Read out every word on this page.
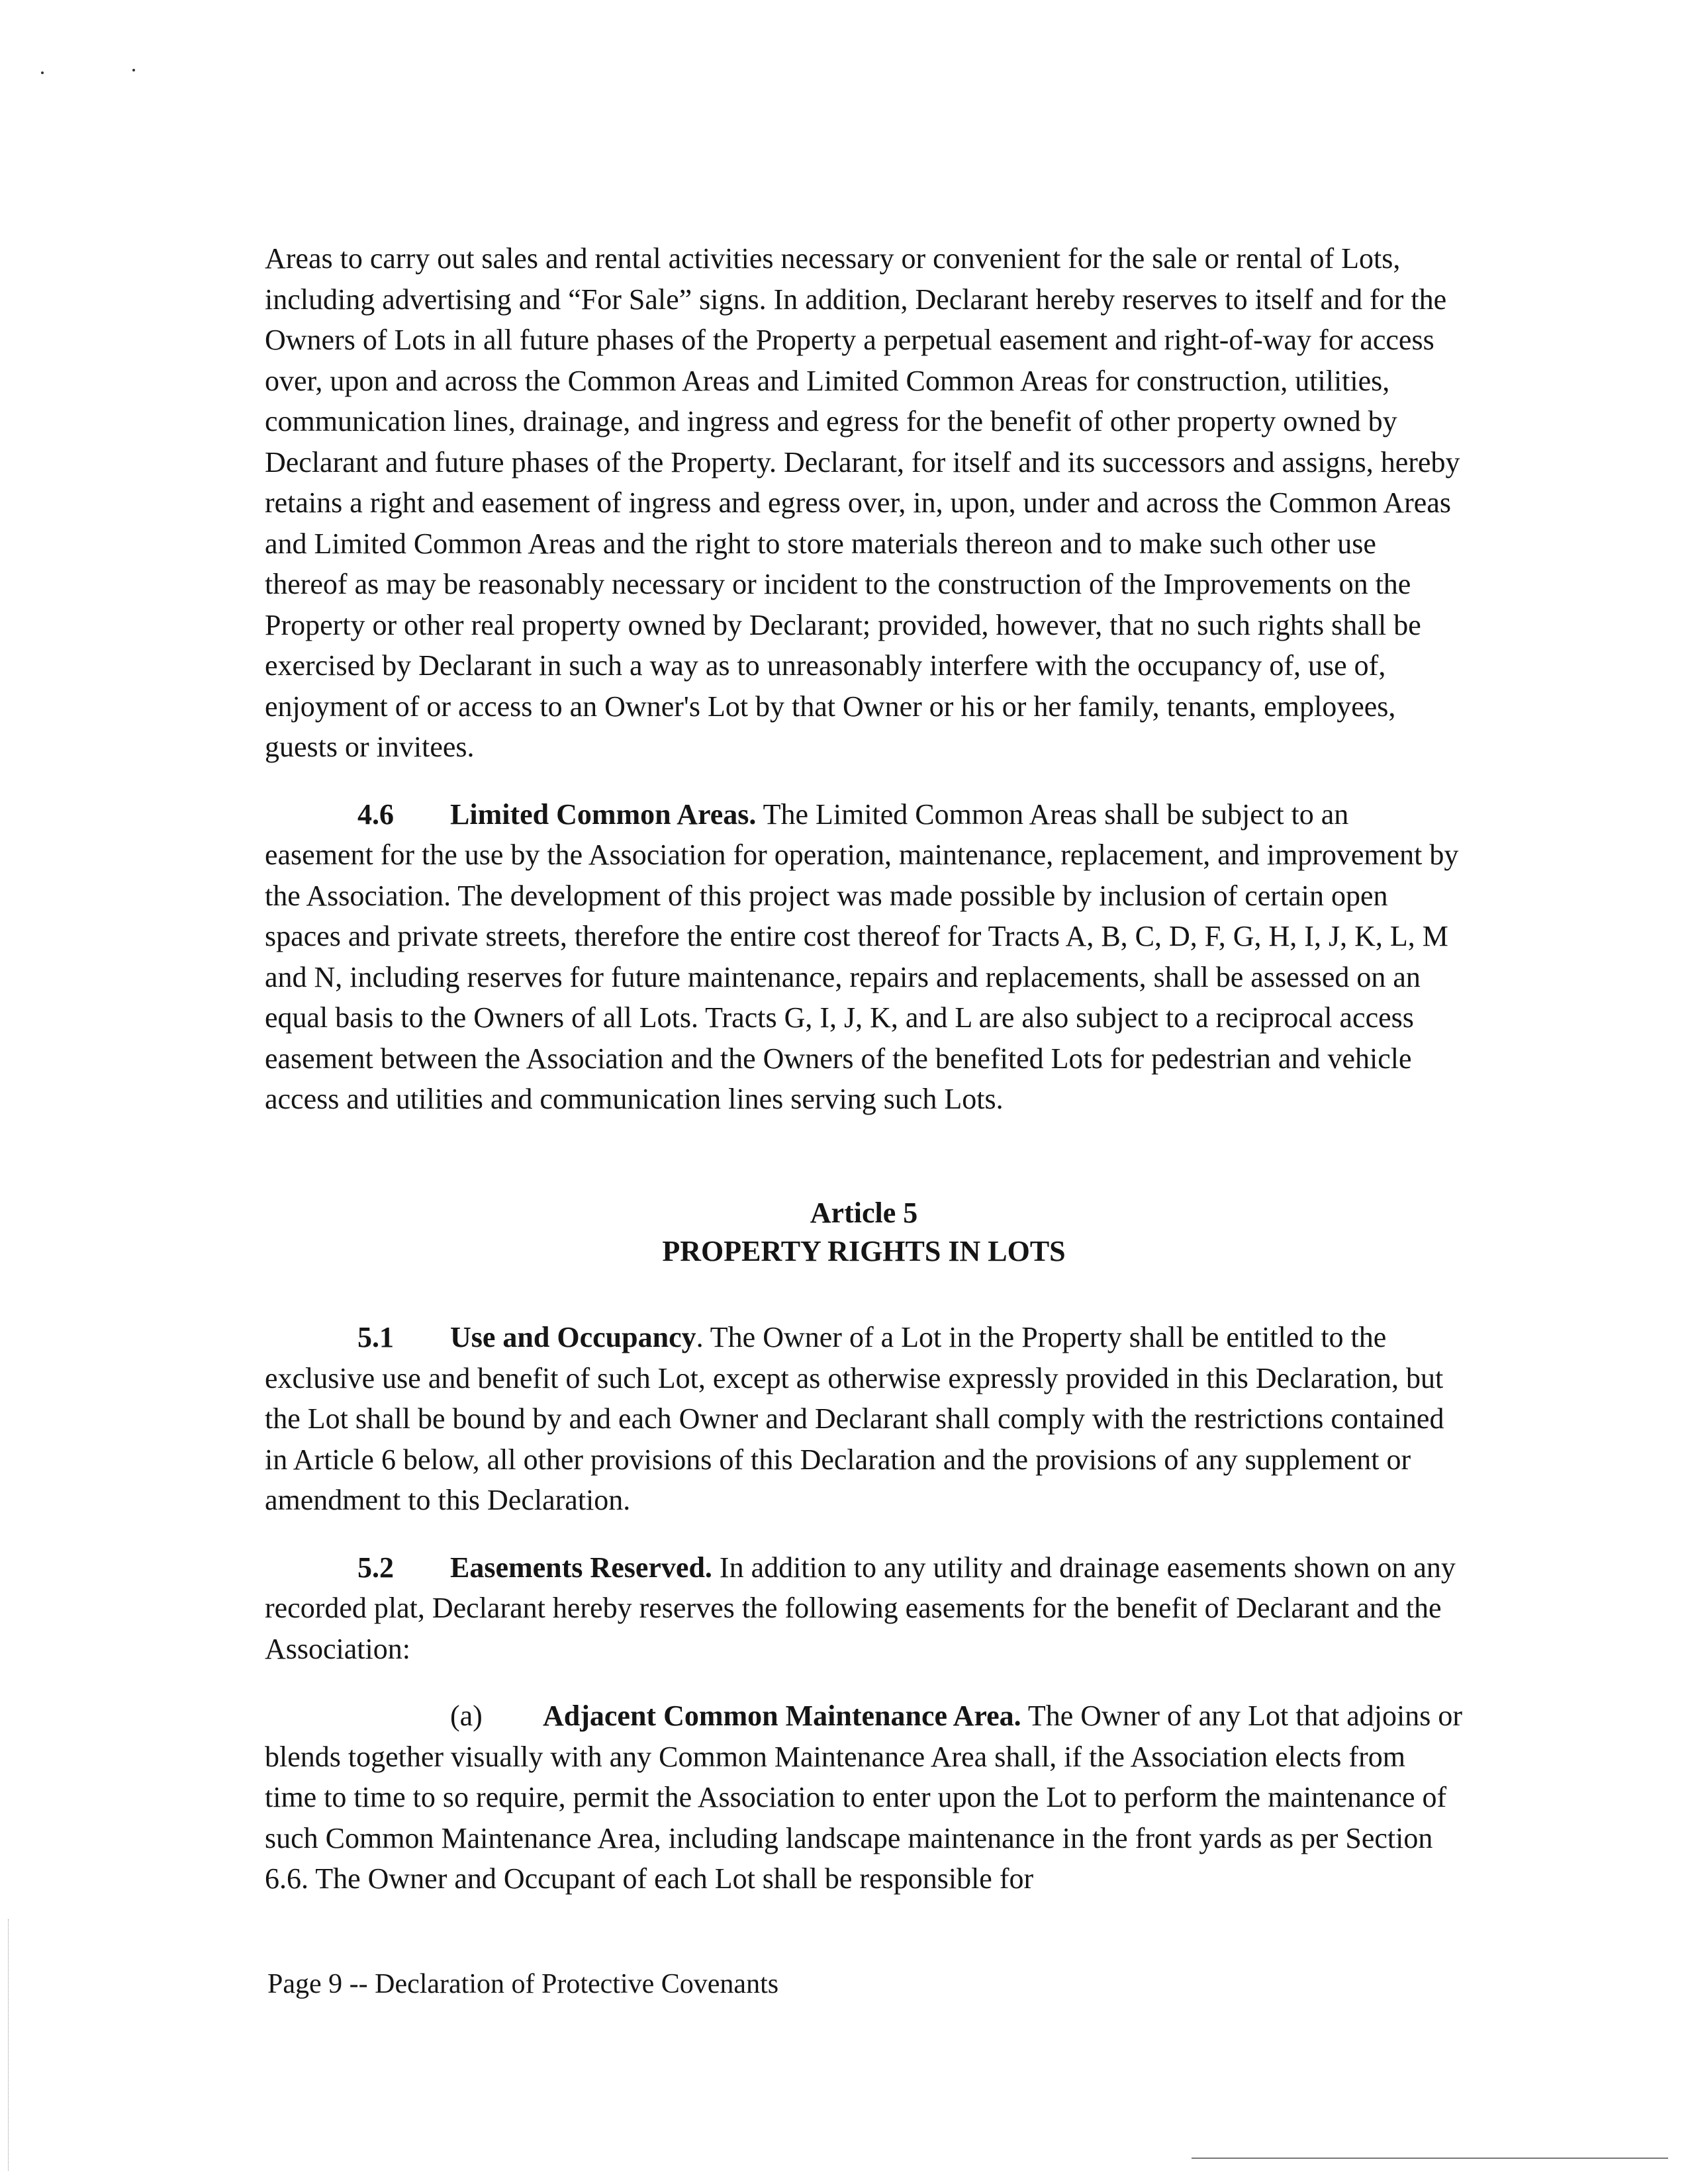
Areas to carry out sales and rental activities necessary or convenient for the sale or rental of Lots, including advertising and “For Sale” signs. In addition, Declarant hereby reserves to itself and for the Owners of Lots in all future phases of the Property a perpetual easement and right-of-way for access over, upon and across the Common Areas and Limited Common Areas for construction, utilities, communication lines, drainage, and ingress and egress for the benefit of other property owned by Declarant and future phases of the Property. Declarant, for itself and its successors and assigns, hereby retains a right and easement of ingress and egress over, in, upon, under and across the Common Areas and Limited Common Areas and the right to store materials thereon and to make such other use thereof as may be reasonably necessary or incident to the construction of the Improvements on the Property or other real property owned by Declarant; provided, however, that no such rights shall be exercised by Declarant in such a way as to unreasonably interfere with the occupancy of, use of, enjoyment of or access to an Owner's Lot by that Owner or his or her family, tenants, employees, guests or invitees.

4.6 Limited Common Areas. The Limited Common Areas shall be subject to an easement for the use by the Association for operation, maintenance, replacement, and improvement by the Association. The development of this project was made possible by inclusion of certain open spaces and private streets, therefore the entire cost thereof for Tracts A, B, C, D, F, G, H, I, J, K, L, M and N, including reserves for future maintenance, repairs and replacements, shall be assessed on an equal basis to the Owners of all Lots. Tracts G, I, J, K, and L are also subject to a reciprocal access easement between the Association and the Owners of the benefited Lots for pedestrian and vehicle access and utilities and communication lines serving such Lots.

Article 5
PROPERTY RIGHTS IN LOTS

5.1 Use and Occupancy. The Owner of a Lot in the Property shall be entitled to the exclusive use and benefit of such Lot, except as otherwise expressly provided in this Declaration, but the Lot shall be bound by and each Owner and Declarant shall comply with the restrictions contained in Article 6 below, all other provisions of this Declaration and the provisions of any supplement or amendment to this Declaration.

5.2 Easements Reserved. In addition to any utility and drainage easements shown on any recorded plat, Declarant hereby reserves the following easements for the benefit of Declarant and the Association:

(a) Adjacent Common Maintenance Area. The Owner of any Lot that adjoins or blends together visually with any Common Maintenance Area shall, if the Association elects from time to time to so require, permit the Association to enter upon the Lot to perform the maintenance of such Common Maintenance Area, including landscape maintenance in the front yards as per Section 6.6. The Owner and Occupant of each Lot shall be responsible for

Page 9 -- Declaration of Protective Covenants
